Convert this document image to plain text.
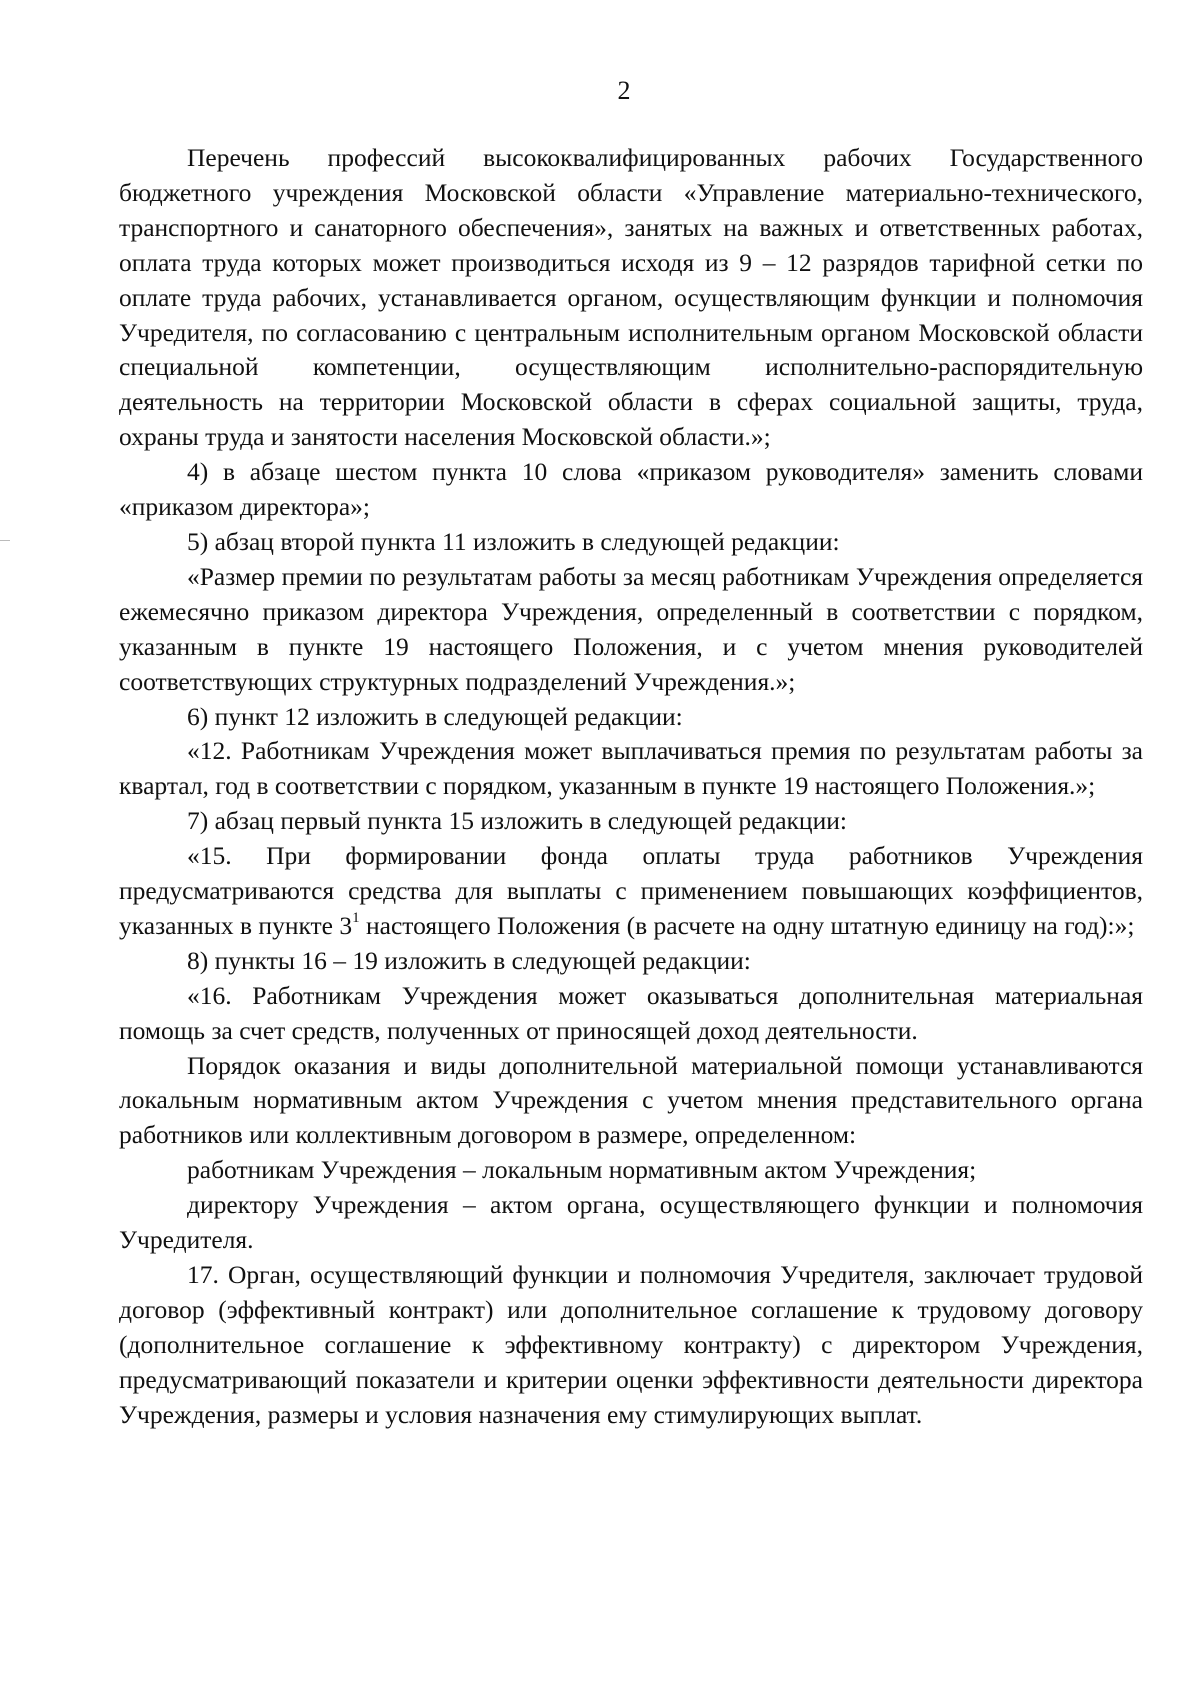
2

Перечень профессий высококвалифицированных рабочих Государственного бюджетного учреждения Московской области «Управление материально-технического, транспортного и санаторного обеспечения», занятых на важных и ответственных работах, оплата труда которых может производиться исходя из 9 – 12 разрядов тарифной сетки по оплате труда рабочих, устанавливается органом, осуществляющим функции и полномочия Учредителя, по согласованию с центральным исполнительным органом Московской области специальной компетенции, осуществляющим исполнительно-распорядительную деятельность на территории Московской области в сферах социальной защиты, труда, охраны труда и занятости населения Московской области.»;

4) в абзаце шестом пункта 10 слова «приказом руководителя» заменить словами «приказом директора»;

5) абзац второй пункта 11 изложить в следующей редакции:

«Размер премии по результатам работы за месяц работникам Учреждения определяется ежемесячно приказом директора Учреждения, определенный в соответствии с порядком, указанным в пункте 19 настоящего Положения, и с учетом мнения руководителей соответствующих структурных подразделений Учреждения.»;

6) пункт 12 изложить в следующей редакции:

«12. Работникам Учреждения может выплачиваться премия по результатам работы за квартал, год в соответствии с порядком, указанным в пункте 19 настоящего Положения.»;

7) абзац первый пункта 15 изложить в следующей редакции:

«15. При формировании фонда оплаты труда работников Учреждения предусматриваются средства для выплаты с применением повышающих коэффициентов, указанных в пункте $3^1$ настоящего Положения (в расчете на одну штатную единицу на год):»;

8) пункты 16 – 19 изложить в следующей редакции:

«16. Работникам Учреждения может оказываться дополнительная материальная помощь за счет средств, полученных от приносящей доход деятельности.

Порядок оказания и виды дополнительной материальной помощи устанавливаются локальным нормативным актом Учреждения с учетом мнения представительного органа работников или коллективным договором в размере, определенном:

работникам Учреждения – локальным нормативным актом Учреждения;

директору Учреждения – актом органа, осуществляющего функции и полномочия Учредителя.

17. Орган, осуществляющий функции и полномочия Учредителя, заключает трудовой договор (эффективный контракт) или дополнительное соглашение к трудовому договору (дополнительное соглашение к эффективному контракту) с директором Учреждения, предусматривающий показатели и критерии оценки эффективности деятельности директора Учреждения, размеры и условия назначения ему стимулирующих выплат.
